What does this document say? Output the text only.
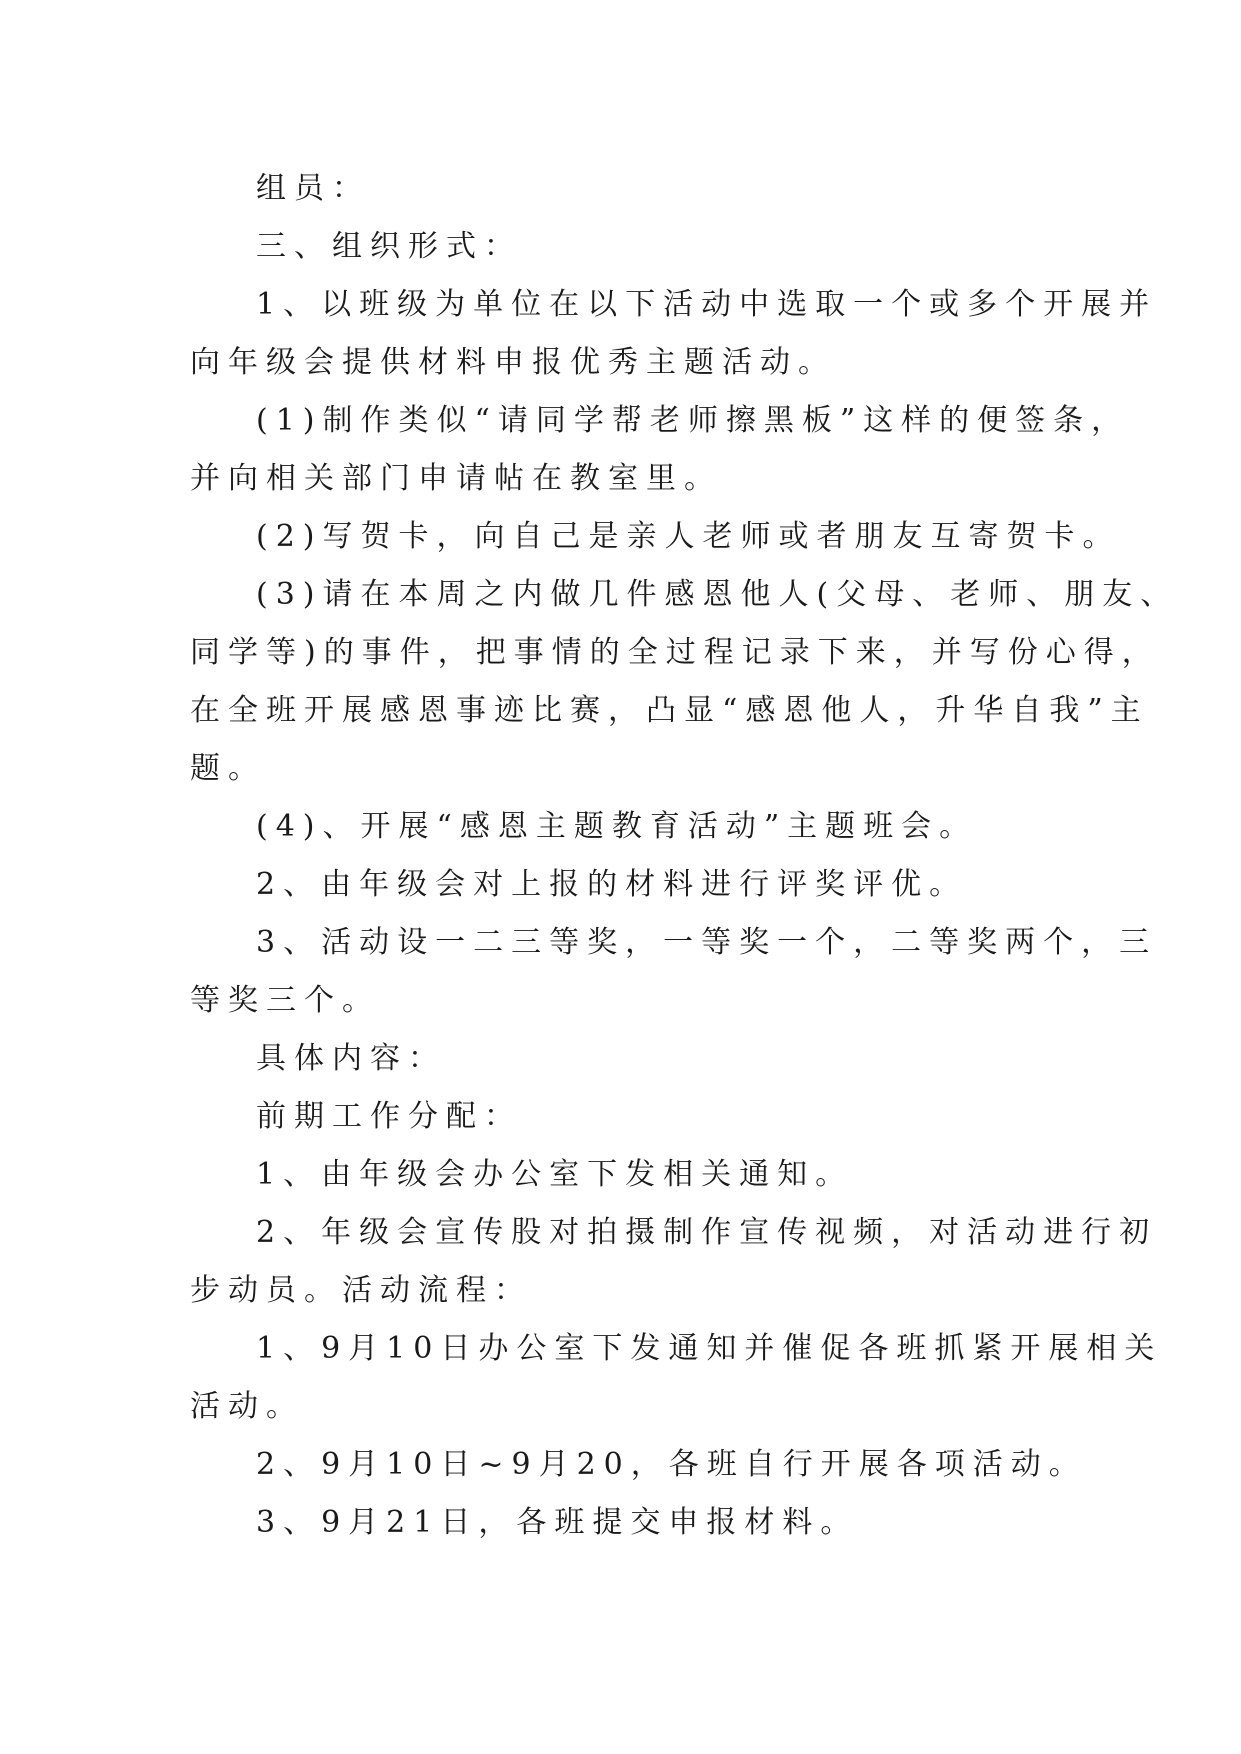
组员：

三、组织形式：

1、以班级为单位在以下活动中选取一个或多个开展并
向年级会提供材料申报优秀主题活动。

(1)制作类似“请同学帮老师擦黑板”这样的便签条，
并向相关部门申请帖在教室里。

(2)写贺卡，向自己是亲人老师或者朋友互寄贺卡。

(3)请在本周之内做几件感恩他人(父母、老师、朋友、
同学等)的事件，把事情的全过程记录下来，并写份心得，
在全班开展感恩事迹比赛，凸显“感恩他人，升华自我”主
题。

(4)、开展“感恩主题教育活动”主题班会。

2、由年级会对上报的材料进行评奖评优。

3、活动设一二三等奖，一等奖一个，二等奖两个，三
等奖三个。

具体内容：

前期工作分配：

1、由年级会办公室下发相关通知。

2、年级会宣传股对拍摄制作宣传视频，对活动进行初
步动员。活动流程：

1、9月10日办公室下发通知并催促各班抓紧开展相关
活动。

2、9月10日~9月20，各班自行开展各项活动。

3、9月21日，各班提交申报材料。
